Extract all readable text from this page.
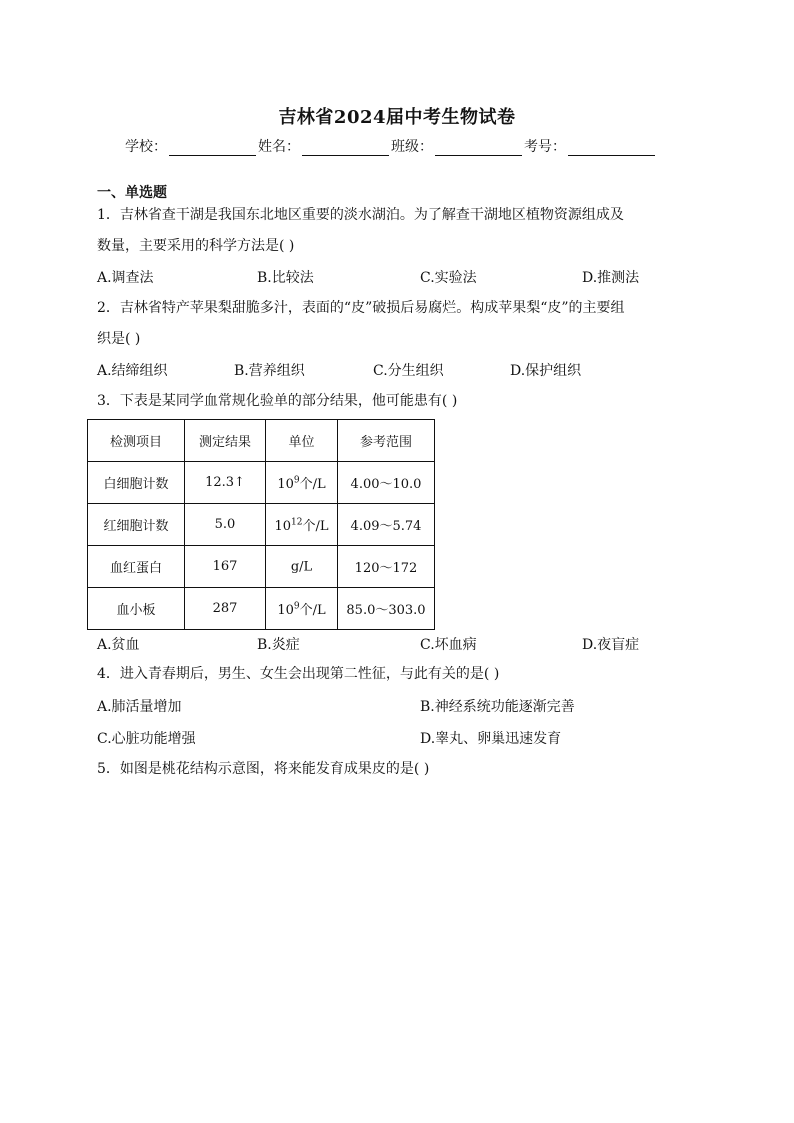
吉林省2024届中考生物试卷
学校：	姓名：	班级：	考号：
一、单选题
1．吉林省查干湖是我国东北地区重要的淡水湖泊。为了解查干湖地区植物资源组成及
数量，主要采用的科学方法是( )
A.调查法	B.比较法	C.实验法	D.推测法
2．吉林省特产苹果梨甜脆多汁，表面的“皮”破损后易腐烂。构成苹果梨“皮”的主要组
织是( )
A.结缔组织	B.营养组织	C.分生组织	D.保护组织
3．下表是某同学血常规化验单的部分结果，他可能患有( )
检测项目	测定结果	单位	参考范围
白细胞计数	12.3↑	$10^9$个/L	4.00～10.0
红细胞计数	5.0	$10^{12}$个/L	4.09～5.74
血红蛋白	167	g/L	120～172
血小板	287	$10^9$个/L	85.0～303.0
A.贫血	B.炎症	C.坏血病	D.夜盲症
4．进入青春期后，男生、女生会出现第二性征，与此有关的是( )
A.肺活量增加	B.神经系统功能逐渐完善
C.心脏功能增强	D.睾丸、卵巢迅速发育
5．如图是桃花结构示意图，将来能发育成果皮的是( )
